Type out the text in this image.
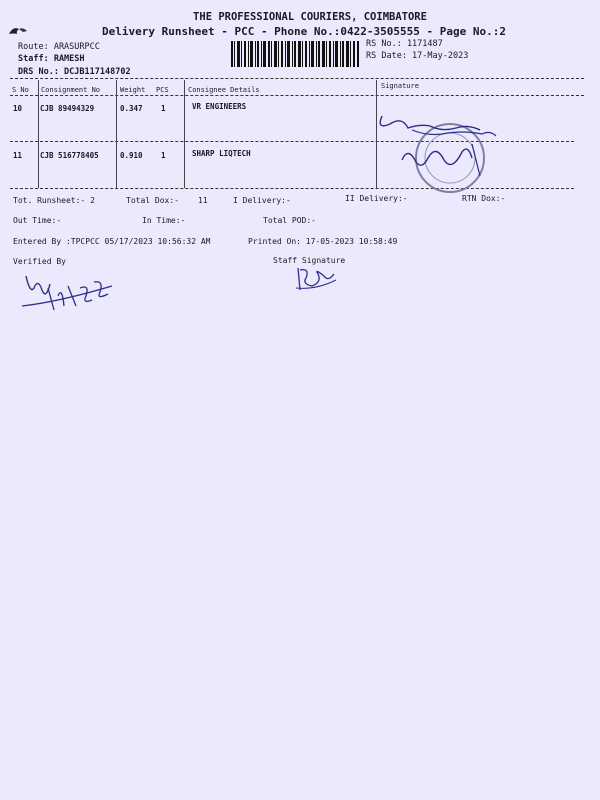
THE PROFESSIONAL COURIERS, COIMBATORE
Delivery Runsheet - PCC - Phone No.:0422-3505555 - Page No.:2
Route: ARASURPCC
Staff: RAMESH
DRS No.: DCJB117148702
RS No.: 1171487
RS Date: 17-May-2023
S No Consignment No	Weight PCS	Consignee Details	Signature
10 CJB 89494329	0.347 1	VR ENGINEERS
11 CJB 516778405	0.910 1	SHARP LIQTECH
Tot. Runsheet:- 2	Total Dox:- 11	I Delivery:-	II Delivery:-	RTN Dox:-
Out Time:-	In Time:-	Total POD:-
Entered By :TPCPCC 05/17/2023 10:56:32 AM	Printed On: 17-05-2023 10:58:49
Verified By	Staff Signature
